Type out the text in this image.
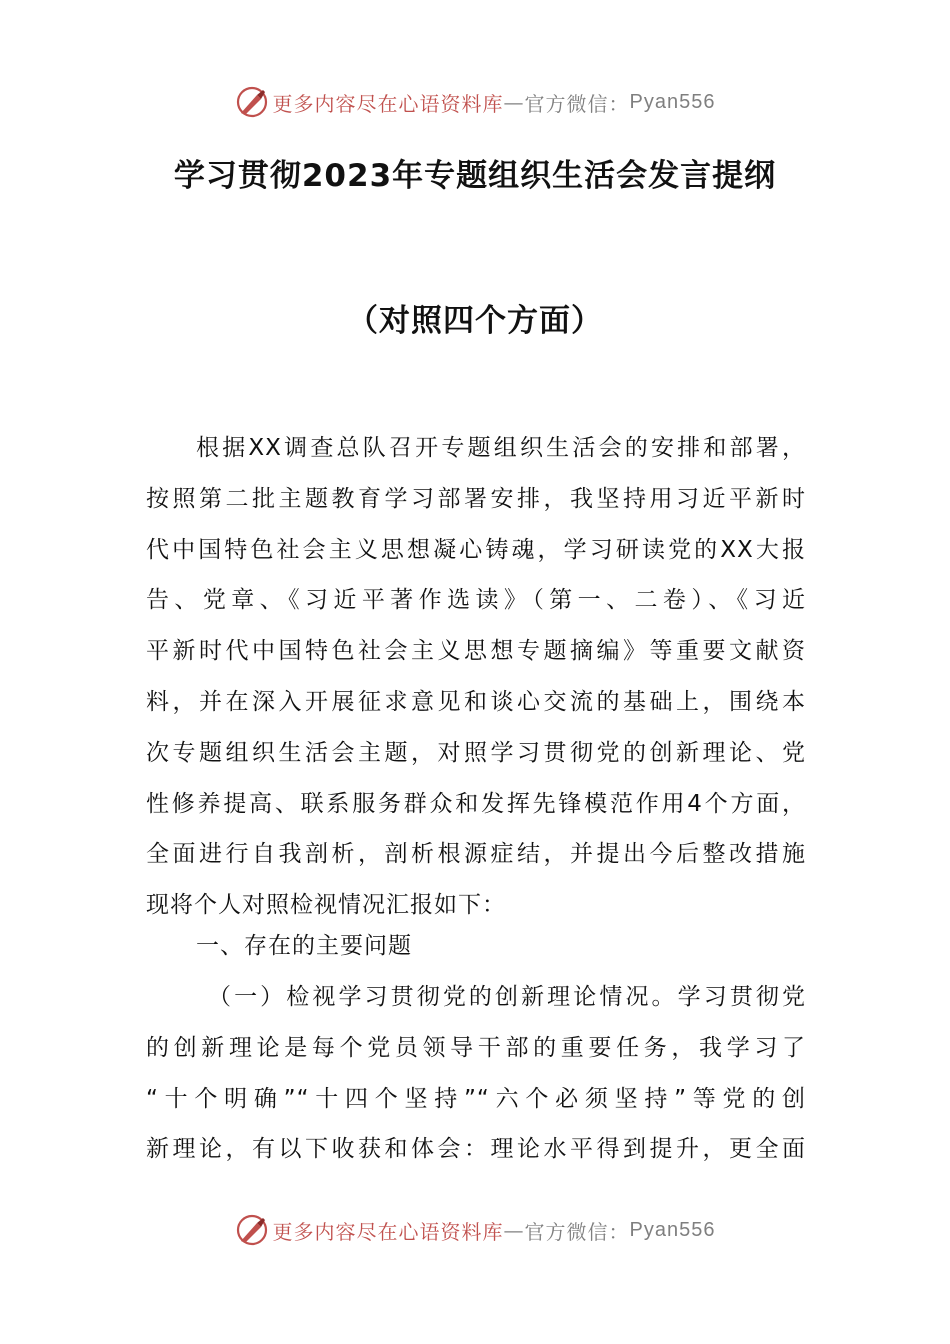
更多内容尽在心语资料库 — 官方微信： Pyan556
学习贯彻2023年专题组织生活会发言提纲
（对照四个方面）
根据XX调查总队召开专题组织生活会的安排和部署，
按照第二批主题教育学习部署安排，我坚持用习近平新时
代中国特色社会主义思想凝心铸魂，学习研读党的XX大报
告、党章、《习近平著作选读》（第一、二卷）、《习近
平新时代中国特色社会主义思想专题摘编》等重要文献资
料，并在深入开展征求意见和谈心交流的基础上，围绕本
次专题组织生活会主题，对照学习贯彻党的创新理论、党
性修养提高、联系服务群众和发挥先锋模范作用4个方面，
全面进行自我剖析，剖析根源症结，并提出今后整改措施
现将个人对照检视情况汇报如下：
一、存在的主要问题
（一）检视学习贯彻党的创新理论情况。学习贯彻党
的创新理论是每个党员领导干部的重要任务，我学习了
“十个明确”“十四个坚持”“六个必须坚持”等党的创
新理论，有以下收获和体会：理论水平得到提升，更全面
更多内容尽在心语资料库 — 官方微信： Pyan556
